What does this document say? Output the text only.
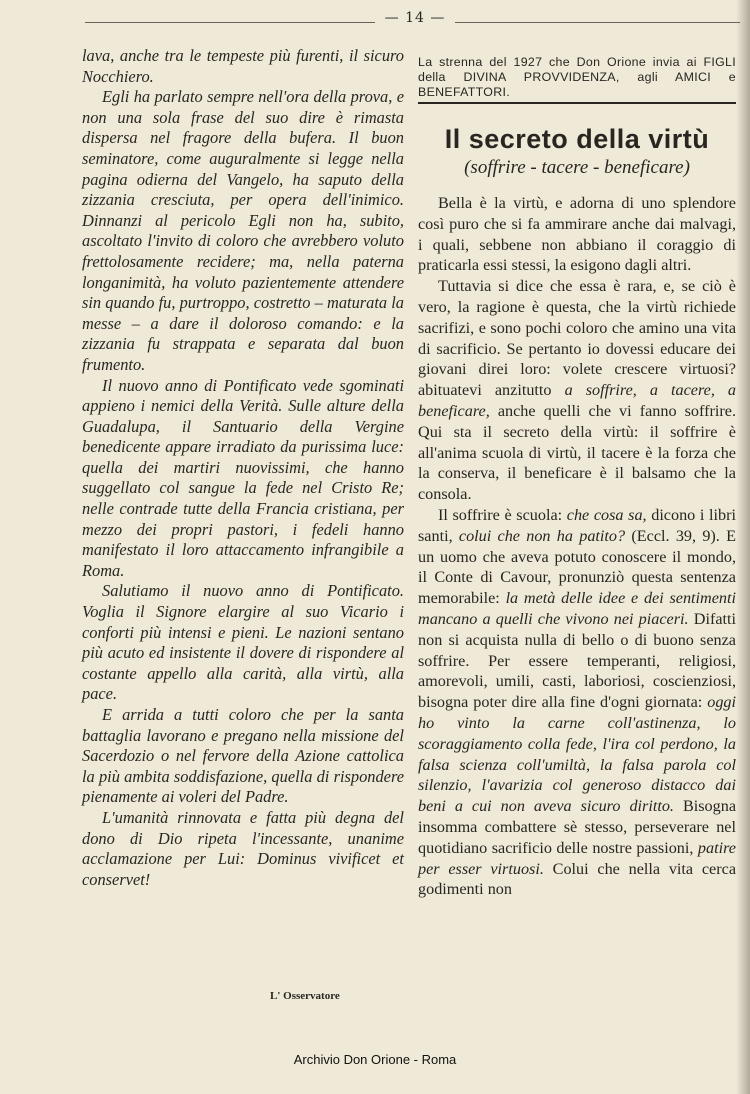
— 14 —

lava, anche tra le tempeste più furenti, il sicuro Nocchiero.

Egli ha parlato sempre nell'ora della prova, e non una sola frase del suo dire è rimasta dispersa nel fragore della bufera. Il buon seminatore, come auguralmente si legge nella pagina odierna del Vangelo, ha saputo della zizzania cresciuta, per opera dell'inimico. Dinnanzi al pericolo Egli non ha, subito, ascoltato l'invito di coloro che avrebbero voluto frettolosamente recidere; ma, nella paterna longanimità, ha voluto pazientemente attendere sin quando fu, purtroppo, costretto – maturata la messe – a dare il doloroso comando: e la zizzania fu strappata e separata dal buon frumento.

Il nuovo anno di Pontificato vede sgominati appieno i nemici della Verità. Sulle alture della Guadalupa, il Santuario della Vergine benedicente appare irradiato da purissima luce: quella dei martiri nuovissimi, che hanno suggellato col sangue la fede nel Cristo Re; nelle contrade tutte della Francia cristiana, per mezzo dei propri pastori, i fedeli hanno manifestato il loro attaccamento infrangibile a Roma.

Salutiamo il nuovo anno di Pontificato. Voglia il Signore elargire al suo Vicario i conforti più intensi e pieni. Le nazioni sentano più acuto ed insistente il dovere di rispondere al costante appello alla carità, alla virtù, alla pace.

E arrida a tutti coloro che per la santa battaglia lavorano e pregano nella missione del Sacerdozio o nel fervore della Azione cattolica la più ambita soddisfazione, quella di rispondere pienamente ai voleri del Padre.

L'umanità rinnovata e fatta più degna del dono di Dio ripeta l'incessante, unanime acclamazione per Lui: Dominus vivificet et conservet!

L' Osservatore
La strenna del 1927 che Don Orione invia ai FIGLI della DIVINA PROVVIDENZA, agli AMICI e BENEFATTORI.
Il secreto della virtù
(soffrire - tacere - beneficare)

Bella è la virtù, e adorna di uno splendore così puro che si fa ammirare anche dai malvagi, i quali, sebbene non abbiano il coraggio di praticarla essi stessi, la esigono dagli altri.

Tuttavia si dice che essa è rara, e, se ciò è vero, la ragione è questa, che la virtù richiede sacrifizi, e sono pochi coloro che amino una vita di sacrificio. Se pertanto io dovessi educare dei giovani direi loro: volete crescere virtuosi? abituatevi anzitutto a soffrire, a tacere, a beneficare, anche quelli che vi fanno soffrire. Qui sta il secreto della virtù: il soffrire è all'anima scuola di virtù, il tacere è la forza che la conserva, il beneficare è il balsamo che la consola.

Il soffrire è scuola: che cosa sa, dicono i libri santi, colui che non ha patito? (Eccl. 39, 9). E un uomo che aveva potuto conoscere il mondo, il Conte di Cavour, pronunziò questa sentenza memorabile: la metà delle idee e dei sentimenti mancano a quelli che vivono nei piaceri. Difatti non si acquista nulla di bello o di buono senza soffrire. Per essere temperanti, religiosi, amorevoli, umili, casti, laboriosi, coscienziosi, bisogna poter dire alla fine d'ogni giornata: oggi ho vinto la carne coll'astinenza, lo scoraggiamento colla fede, l'ira col perdono, la falsa scienza coll'umiltà, la falsa parola col silenzio, l'avarizia col generoso distacco dai beni a cui non aveva sicuro diritto. Bisogna insomma combattere sè stesso, perseverare nel quotidiano sacrificio delle nostre passioni, patire per esser virtuosi. Colui che nella vita cerca godimenti non

Archivio Don Orione - Roma
